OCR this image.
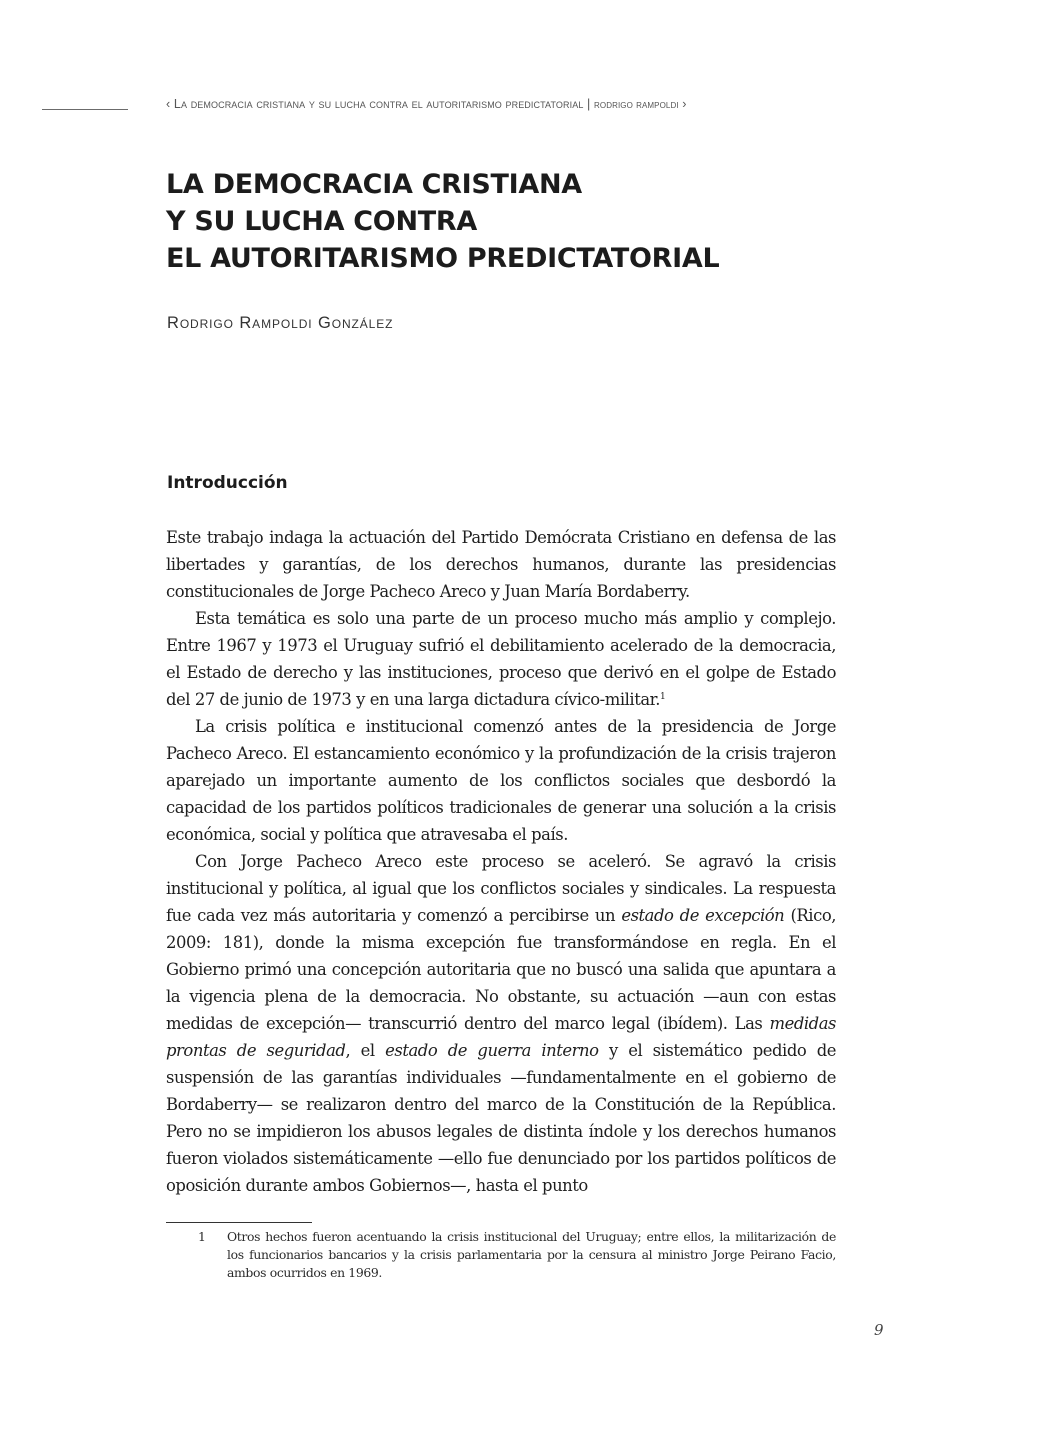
‹ La democracia cristiana y su lucha contra el autoritarismo predictatorial | rodrigo rampoldi ›
LA DEMOCRACIA CRISTIANA
Y SU LUCHA CONTRA
EL AUTORITARISMO PREDICTATORIAL
Rodrigo Rampoldi González
Introducción

Este trabajo indaga la actuación del Partido Demócrata Cristiano en defensa de las libertades y garantías, de los derechos humanos, durante las presidencias constitucionales de Jorge Pacheco Areco y Juan María Bordaberry.

Esta temática es solo una parte de un proceso mucho más amplio y complejo. Entre 1967 y 1973 el Uruguay sufrió el debilitamiento acelerado de la democracia, el Estado de derecho y las instituciones, proceso que derivó en el golpe de Estado del 27 de junio de 1973 y en una larga dictadura cívico-militar.$^1$

La crisis política e institucional comenzó antes de la presidencia de Jorge Pacheco Areco. El estancamiento económico y la profundización de la crisis trajeron aparejado un importante aumento de los conflictos sociales que desbordó la capacidad de los partidos políticos tradicionales de generar una solución a la crisis económica, social y política que atravesaba el país.

Con Jorge Pacheco Areco este proceso se aceleró. Se agravó la crisis institucional y política, al igual que los conflictos sociales y sindicales. La respuesta fue cada vez más autoritaria y comenzó a percibirse un estado de excepción (Rico, 2009: 181), donde la misma excepción fue transformándose en regla. En el Gobierno primó una concepción autoritaria que no buscó una salida que apuntara a la vigencia plena de la democracia. No obstante, su actuación —aun con estas medidas de excepción— transcurrió dentro del marco legal (ibídem). Las medidas prontas de seguridad, el estado de guerra interno y el sistemático pedido de suspensión de las garantías individuales —fundamentalmente en el gobierno de Bordaberry— se realizaron dentro del marco de la Constitución de la República. Pero no se impidieron los abusos legales de distinta índole y los derechos humanos fueron violados sistemáticamente —ello fue denunciado por los partidos políticos de oposición durante ambos Gobiernos—, hasta el punto

1 Otros hechos fueron acentuando la crisis institucional del Uruguay; entre ellos, la militarización de los funcionarios bancarios y la crisis parlamentaria por la censura al ministro Jorge Peirano Facio, ambos ocurridos en 1969.
9
